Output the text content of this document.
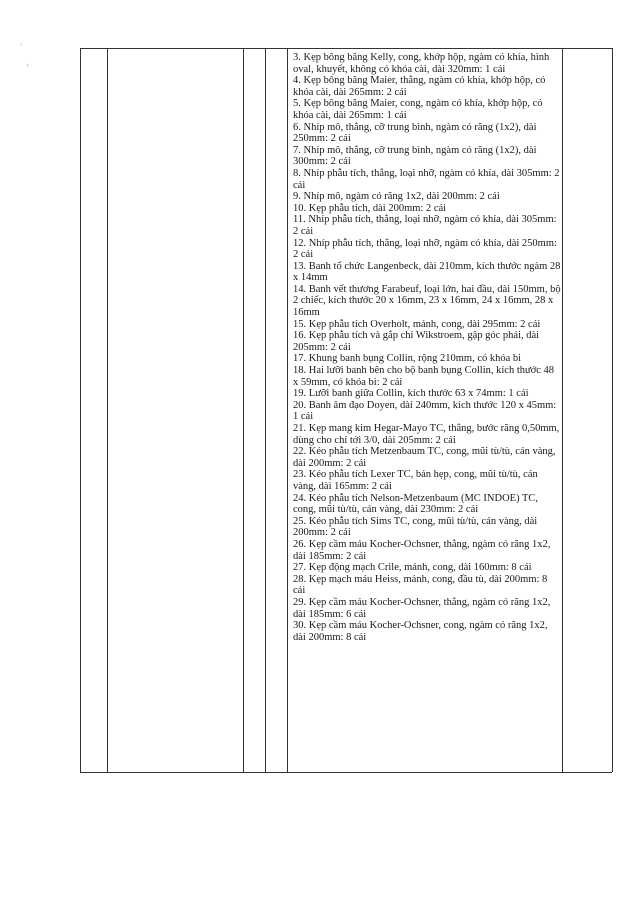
ʻ
ᶠ

3. Kẹp bông băng Kelly, cong, khớp hộp, ngàm có khía, hình oval, khuyết, không có khóa cài, dài 320mm: 1 cái

4. Kẹp bông băng Maier, thẳng, ngàm có khía, khớp hộp, có khóa cài, dài 265mm: 2 cái

5. Kẹp bông băng Maier, cong, ngàm có khía, khớp hộp, có khóa cài, dài 265mm: 1 cái

6. Nhíp mô, thẳng, cỡ trung bình, ngàm có răng (1x2), dài 250mm: 2 cái

7. Nhíp mô, thẳng, cỡ trung bình, ngàm có răng (1x2), dài 300mm: 2 cái

8. Nhíp phẫu tích, thẳng, loại nhỡ, ngàm có khía, dài 305mm: 2 cái

9. Nhíp mô, ngàm có răng 1x2, dài 200mm: 2 cái

10. Kẹp phẫu tích, dài 200mm: 2 cái

11. Nhíp phẫu tích, thẳng, loại nhỡ, ngàm có khía, dài 305mm: 2 cái

12. Nhíp phẫu tích, thẳng, loại nhỡ, ngàm có khía, dài 250mm: 2 cái

13. Banh tổ chức Langenbeck, dài 210mm, kích thước ngàm 28 x 14mm

14. Banh vết thương Farabeuf, loại lớn, hai đầu, dài 150mm, bộ 2 chiếc, kích thước 20 x 16mm, 23 x 16mm, 24 x 16mm, 28 x 16mm

15. Kẹp phẫu tích Overholt, mảnh, cong, dài 295mm: 2 cái

16. Kẹp phẫu tích và gắp chỉ Wikstroem, gập góc phải, dài 205mm: 2 cái

17. Khung banh bụng Collin, rộng 210mm, có khóa bi

18. Hai lưỡi banh bên cho bộ banh bụng Collin, kích thước 48 x 59mm, có khóa bi: 2 cái

19. Lưỡi banh giữa Collin, kích thước 63 x 74mm: 1 cái

20. Banh âm đạo Doyen, dài 240mm, kích thước 120 x 45mm: 1 cái

21. Kẹp mang kim Hegar-Mayo TC, thẳng, bước răng 0,50mm, dùng cho chỉ tới 3/0, dài 205mm: 2 cái

22. Kéo phẫu tích Metzenbaum TC, cong, mũi tù/tù, cán vàng, dài 200mm: 2 cái

23. Kéo phẫu tích Lexer TC, bản hẹp, cong, mũi tù/tù, cán vàng, dài 165mm: 2 cái

24. Kéo phẫu tích Nelson-Metzenbaum (MC INDOE) TC, cong, mũi tù/tù, cán vàng, dài 230mm: 2 cái

25. Kéo phẫu tích Sims TC, cong, mũi tù/tù, cán vàng, dài 200mm: 2 cái

26. Kẹp cầm máu Kocher-Ochsner, thẳng, ngàm có răng 1x2, dài 185mm: 2 cái

27. Kẹp động mạch Crile, mảnh, cong, dài 160mm: 8 cái

28. Kẹp mạch máu Heiss, mảnh, cong, đầu tù, dài 200mm: 8 cái

29. Kẹp cầm máu Kocher-Ochsner, thẳng, ngàm có răng 1x2, dài 185mm: 6 cái

30. Kẹp cầm máu Kocher-Ochsner, cong, ngàm có răng 1x2, dài 200mm: 8 cái
